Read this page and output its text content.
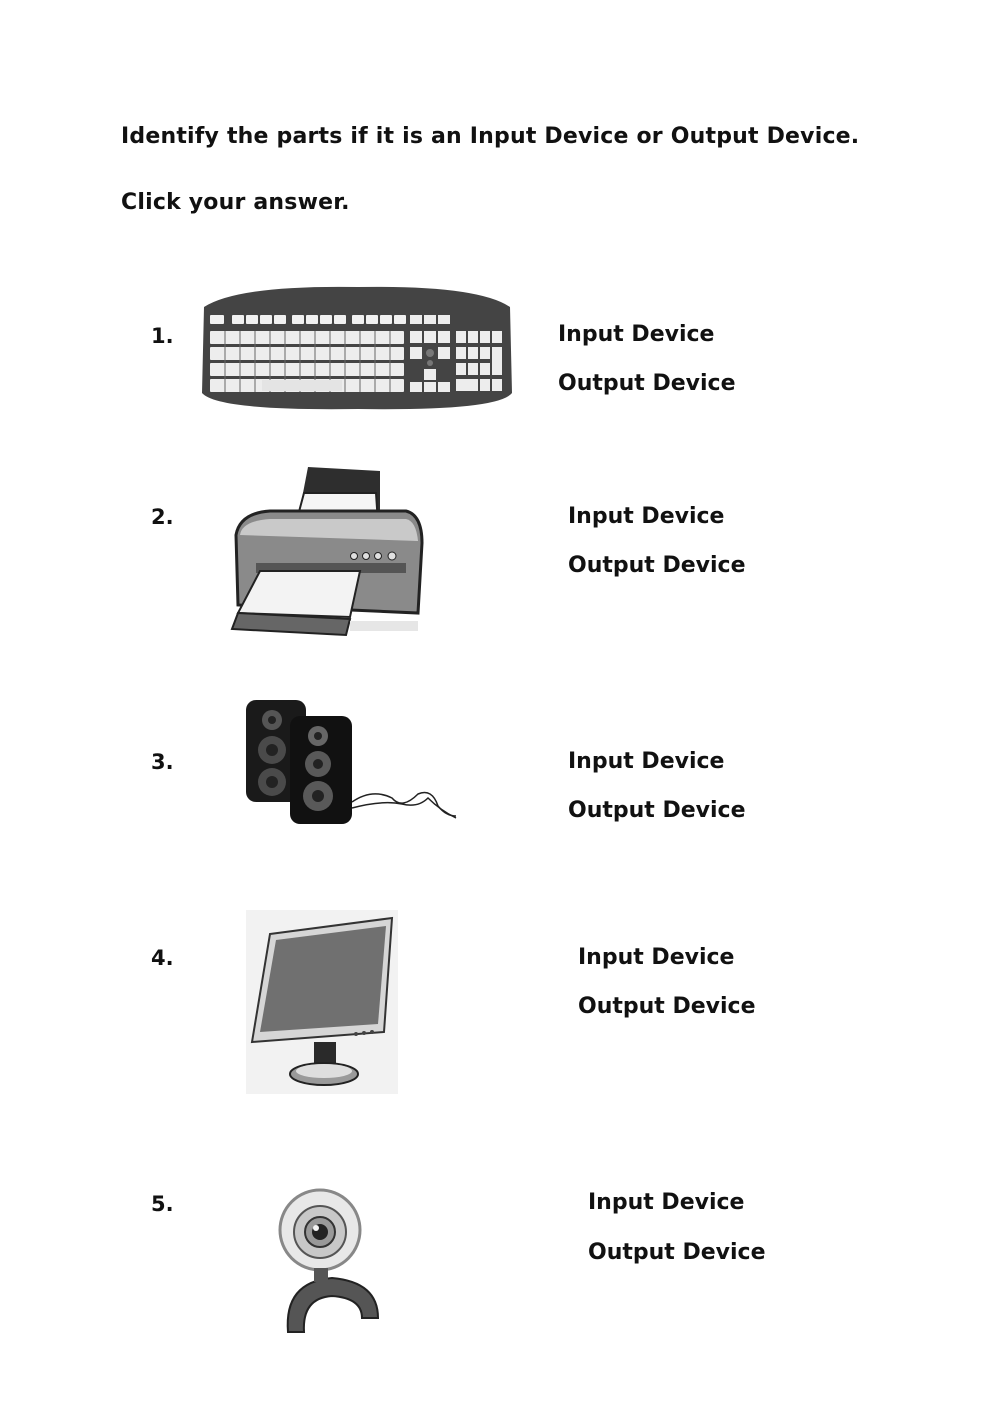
Identify the parts if it is an Input Device or Output Device.
Click your answer.
1.	Input Device
Output Device
2.	Input Device
Output Device
3.	Input Device
Output Device
4.	Input Device
Output Device
5.	Input Device
Output Device
